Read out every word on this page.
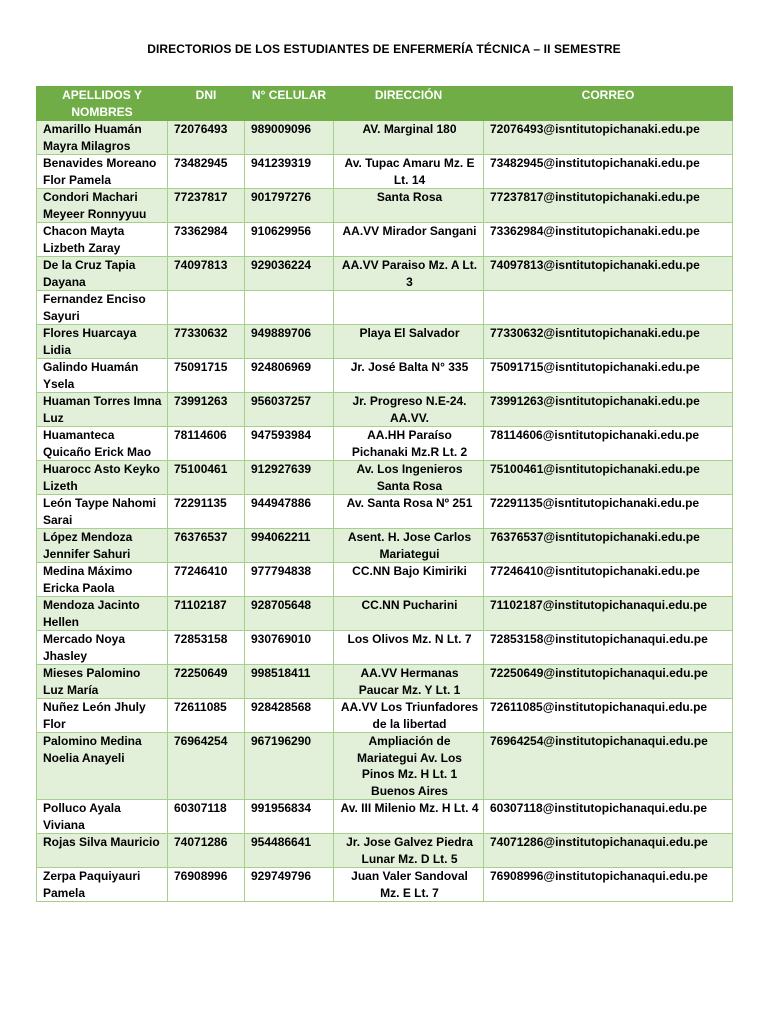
DIRECTORIOS DE LOS ESTUDIANTES DE ENFERMERÍA TÉCNICA – II SEMESTRE
APELLIDOS Y NOMBRES	DNI	N° CELULAR	DIRECCIÓN	CORREO
Amarillo Huamán Mayra Milagros	72076493	989009096	AV. Marginal 180	72076493@isntitutopichanaki.edu.pe
Benavides Moreano Flor Pamela	73482945	941239319	Av. Tupac Amaru Mz. E Lt. 14	73482945@institutopichanaki.edu.pe
Condori Machari Meyeer Ronnyyuu	77237817	901797276	Santa Rosa	77237817@institutopichanaki.edu.pe
Chacon Mayta Lizbeth Zaray	73362984	910629956	AA.VV Mirador Sangani	73362984@institutopichanaki.edu.pe
De la Cruz Tapia Dayana	74097813	929036224	AA.VV Paraiso Mz. A Lt. 3	74097813@isntitutopichanaki.edu.pe
Fernandez Enciso Sayuri				
Flores Huarcaya Lidia	77330632	949889706	Playa El Salvador	77330632@isntitutopichanaki.edu.pe
Galindo Huamán Ysela	75091715	924806969	Jr. José Balta N° 335	75091715@isntitutopichanaki.edu.pe
Huaman Torres Imna Luz	73991263	956037257	Jr. Progreso N.E-24. AA.VV.	73991263@isntitutopichanaki.edu.pe
Huamanteca Quicaño Erick Mao	78114606	947593984	AA.HH Paraíso Pichanaki Mz.R Lt. 2	78114606@isntitutopichanaki.edu.pe
Huarocc Asto Keyko Lizeth	75100461	912927639	Av. Los Ingenieros Santa Rosa	75100461@isntitutopichanaki.edu.pe
León Taype Nahomi Sarai	72291135	944947886	Av. Santa Rosa Nº 251	72291135@isntitutopichanaki.edu.pe
López Mendoza Jennifer Sahuri	76376537	994062211	Asent. H. Jose Carlos Mariategui	76376537@isntitutopichanaki.edu.pe
Medina Máximo Ericka Paola	77246410	977794838	CC.NN Bajo Kimiriki	77246410@isntitutopichanaki.edu.pe
Mendoza Jacinto Hellen	71102187	928705648	CC.NN Pucharini	71102187@institutopichanaqui.edu.pe
Mercado Noya Jhasley	72853158	930769010	Los Olivos Mz. N Lt. 7	72853158@institutopichanaqui.edu.pe
Mieses Palomino Luz María	72250649	998518411	AA.VV Hermanas Paucar Mz. Y Lt. 1	72250649@institutopichanaqui.edu.pe
Nuñez León Jhuly Flor	72611085	928428568	AA.VV Los Triunfadores de la libertad	72611085@institutopichanaqui.edu.pe
Palomino Medina Noelia Anayeli	76964254	967196290	Ampliación de Mariategui Av. Los Pinos Mz. H Lt. 1 Buenos Aires	76964254@institutopichanaqui.edu.pe
Polluco Ayala Viviana	60307118	991956834	Av. III Milenio Mz. H Lt. 4	60307118@institutopichanaqui.edu.pe
Rojas Silva Mauricio	74071286	954486641	Jr. Jose Galvez Piedra Lunar Mz. D Lt. 5	74071286@institutopichanaqui.edu.pe
Zerpa Paquiyauri Pamela	76908996	929749796	Juan Valer Sandoval Mz. E Lt. 7	76908996@institutopichanaqui.edu.pe
